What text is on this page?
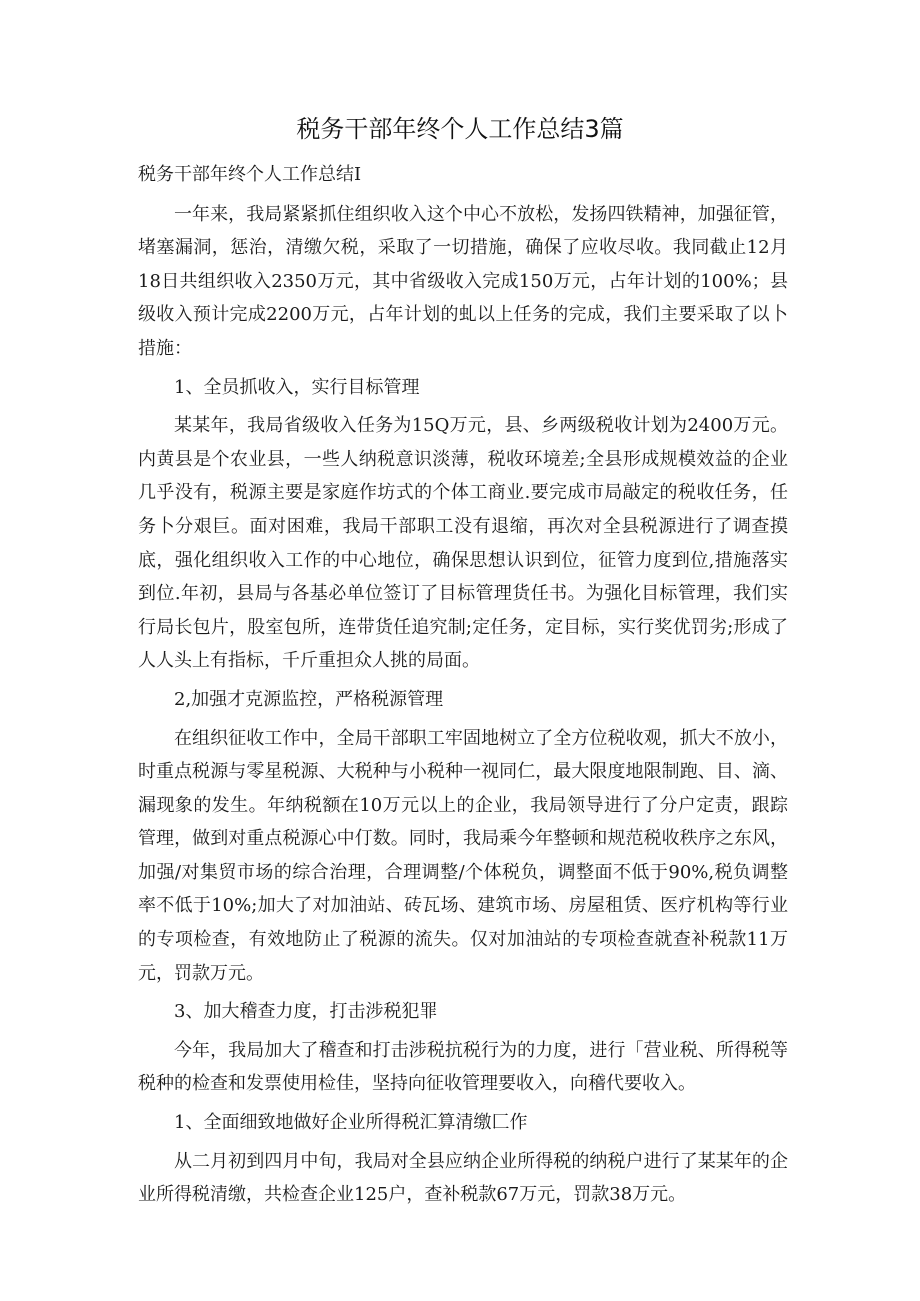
税务干部年终个人工作总结3篇

税务干部年终个人工作总结I

一年来，我局紧紧抓住组织收入这个中心不放松，发扬四铁精神，加强征管，堵塞漏洞，惩治，清缴欠税，采取了一切措施，确保了应收尽收。我同截止12月18日共组织收入2350万元，其中省级收入完成150万元，占年计划的100%；县级收入预计完成2200万元，占年计划的虬以上任务的完成，我们主要采取了以卜措施：

1、全员抓收入，实行目标管理

某某年，我局省级收入任务为15Q万元，县、乡两级税收计划为2400万元。内黄县是个农业县，一些人纳税意识淡薄，税收环境差;全县形成规模效益的企业几乎没有，税源主要是家庭作坊式的个体工商业.要完成市局敲定的税收任务，任务卜分艰巨。面对困难，我局干部职工没有退缩，再次对全县税源进行了调查摸底，强化组织收入工作的中心地位，确保思想认识到位，征管力度到位,措施落实到位.年初，县局与各基必单位签订了目标管理货任书。为强化目标管理，我们实行局长包片，股室包所，连带货任追究制;定任务，定目标，实行奖优罚劣;形成了人人头上有指标，千斤重担众人挑的局面。

2,加强才克源监控，严格税源管理

在组织征收工作中，全局干部职工牢固地树立了全方位税收观，抓大不放小，时重点税源与零星税源、大税种与小税种一视同仁，最大限度地限制跑、目、滴、漏现象的发生。年纳税额在10万元以上的企业，我局领导进行了分户定责，跟踪管理，做到对重点税源心中仃数。同时，我局乘今年整顿和规范税收秩序之东风，加强/对集贸市场的综合治理，合理调整/个体税负，调整面不低于90%,税负调整率不低于10%;加大了对加油站、砖瓦场、建筑市场、房屋租赁、医疗机构等行业的专项检查，有效地防止了税源的流失。仅对加油站的专项检查就查补税款11万元，罚款万元。

3、加大稽查力度，打击涉税犯罪

今年，我局加大了稽查和打击涉税抗税行为的力度，进行「营业税、所得税等税种的检查和发票使用检佳，坚持向征收管理要收入，向稽代要收入。

1、全面细致地做好企业所得税汇算清缴匚作

从二月初到四月中旬，我局对全县应纳企业所得税的纳税户进行了某某年的企业所得税清缴，共检查企业125户，查补税款67万元，罚款38万元。
